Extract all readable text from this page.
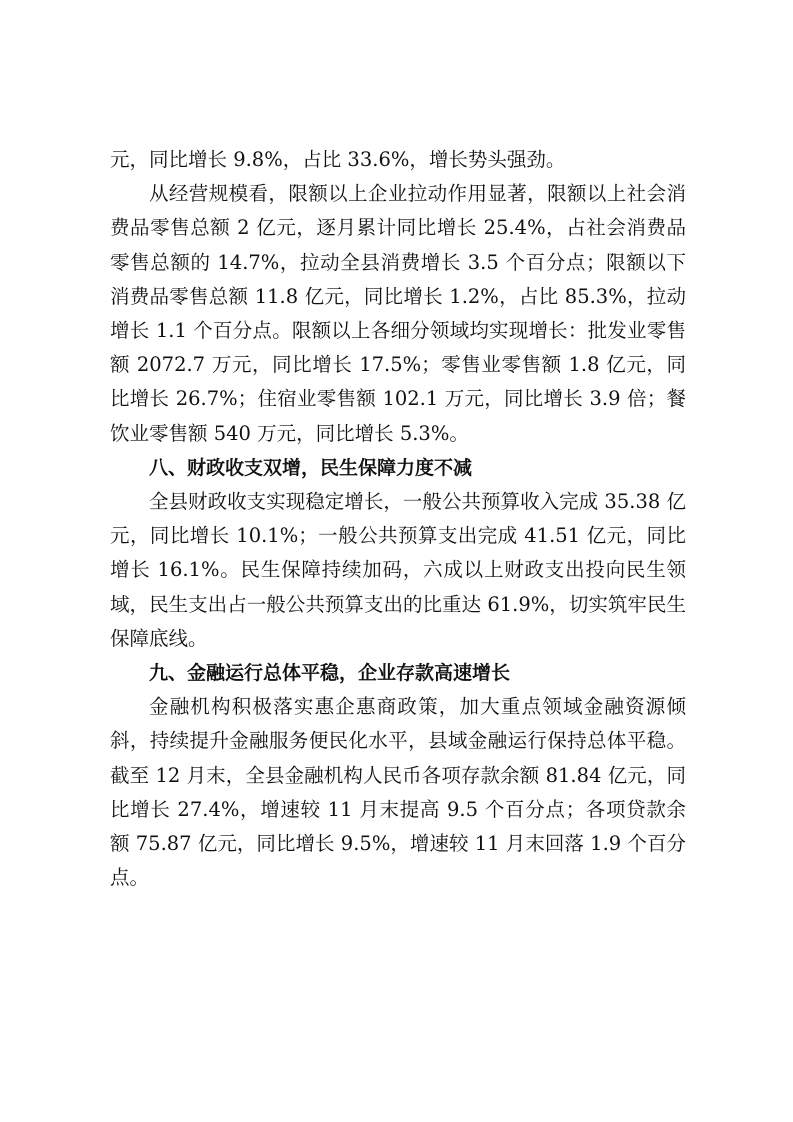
元，同比增长 9.8%，占比 33.6%，增长势头强劲。

从经营规模看，限额以上企业拉动作用显著，限额以上社会消费品零售总额 2 亿元，逐月累计同比增长 25.4%，占社会消费品零售总额的 14.7%，拉动全县消费增长 3.5 个百分点；限额以下消费品零售总额 11.8 亿元，同比增长 1.2%，占比 85.3%，拉动增长 1.1 个百分点。限额以上各细分领域均实现增长：批发业零售额 2072.7 万元，同比增长 17.5%；零售业零售额 1.8 亿元，同比增长 26.7%；住宿业零售额 102.1 万元，同比增长 3.9 倍；餐饮业零售额 540 万元，同比增长 5.3%。

八、财政收支双增，民生保障力度不减

全县财政收支实现稳定增长，一般公共预算收入完成 35.38 亿元，同比增长 10.1%；一般公共预算支出完成 41.51 亿元，同比增长 16.1%。民生保障持续加码，六成以上财政支出投向民生领域，民生支出占一般公共预算支出的比重达 61.9%，切实筑牢民生保障底线。

九、金融运行总体平稳，企业存款高速增长

金融机构积极落实惠企惠商政策，加大重点领域金融资源倾斜，持续提升金融服务便民化水平，县域金融运行保持总体平稳。截至 12 月末，全县金融机构人民币各项存款余额 81.84 亿元，同比增长 27.4%，增速较 11 月末提高 9.5 个百分点；各项贷款余额 75.87 亿元，同比增长 9.5%，增速较 11 月末回落 1.9 个百分点。
